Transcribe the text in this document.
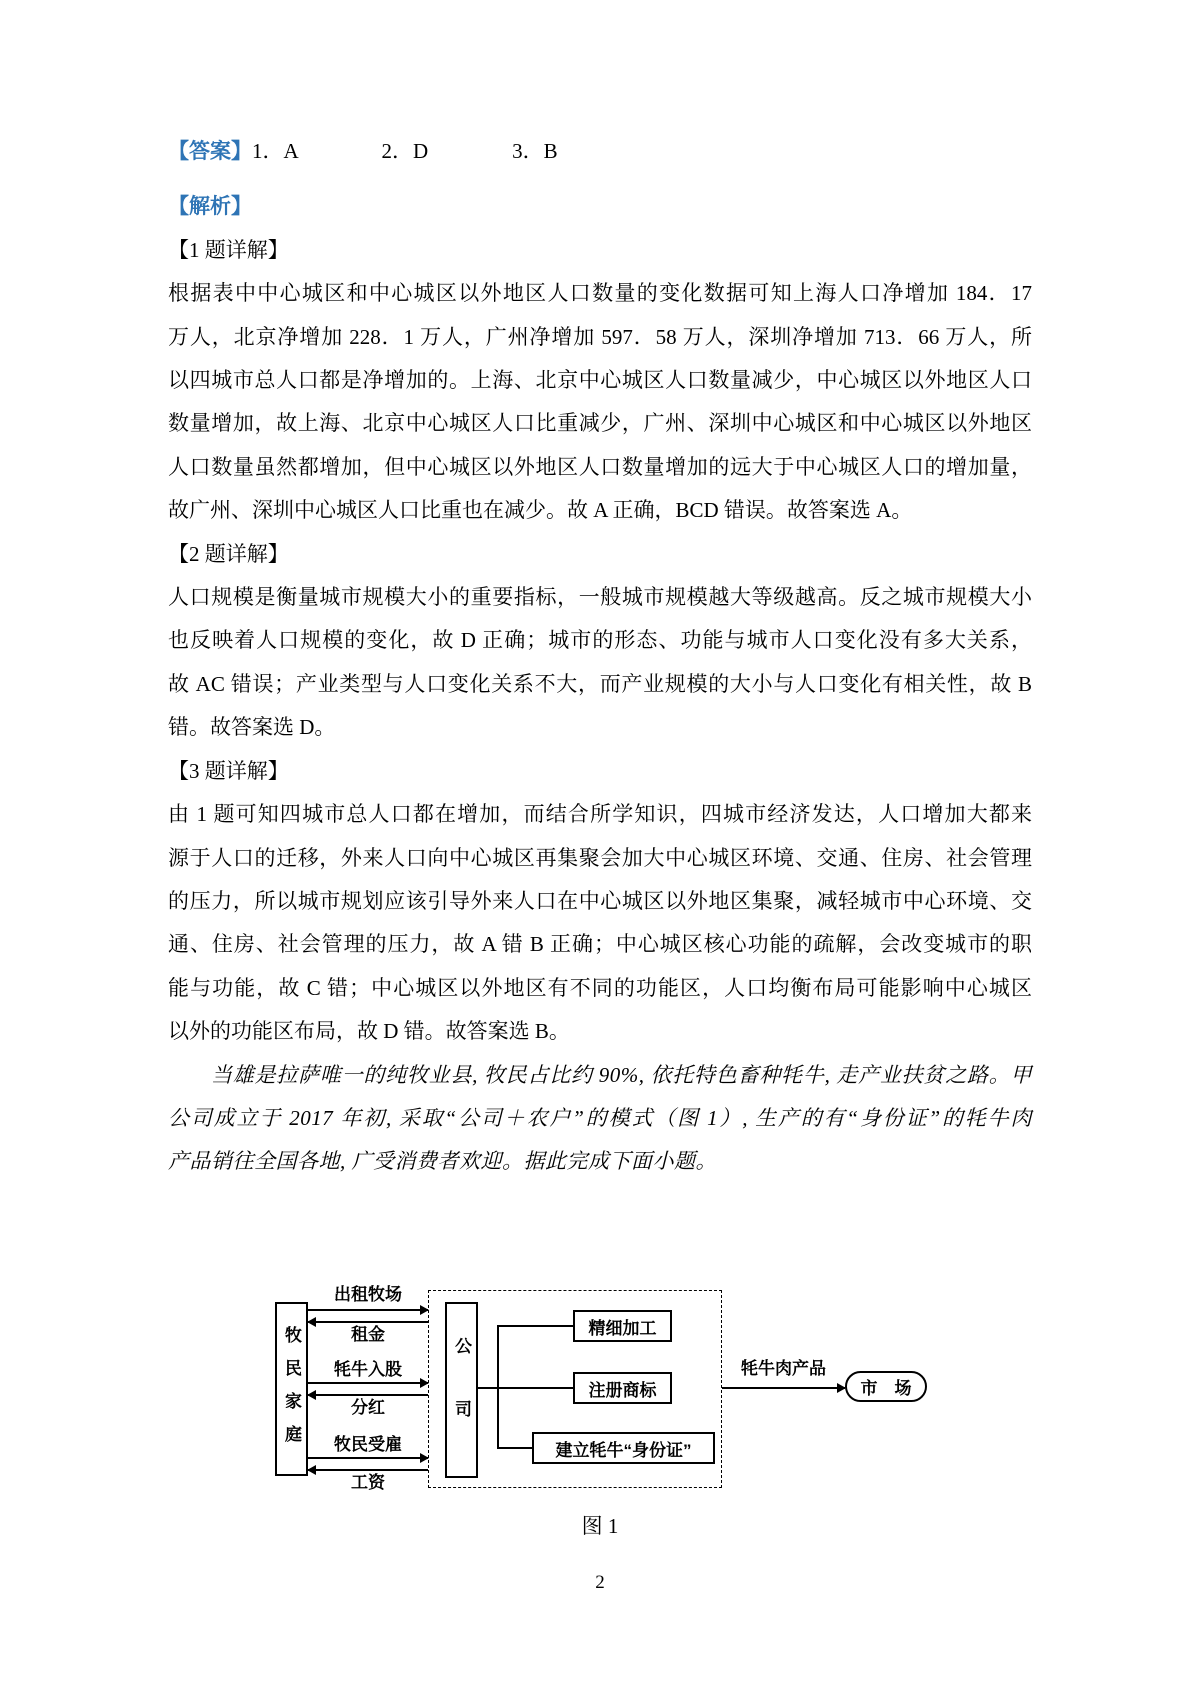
【答案】1．A　　　　2．D　　　　3．B
【解析】
【1 题详解】
根据表中中心城区和中心城区以外地区人口数量的变化数据可知上海人口净增加 184．17
万人，北京净增加 228．1 万人，广州净增加 597．58 万人，深圳净增加 713．66 万人，所
以四城市总人口都是净增加的。上海、北京中心城区人口数量减少，中心城区以外地区人口
数量增加，故上海、北京中心城区人口比重减少，广州、深圳中心城区和中心城区以外地区
人口数量虽然都增加，但中心城区以外地区人口数量增加的远大于中心城区人口的增加量，
故广州、深圳中心城区人口比重也在减少。故 A 正确，BCD 错误。故答案选 A。
【2 题详解】
人口规模是衡量城市规模大小的重要指标，一般城市规模越大等级越高。反之城市规模大小
也反映着人口规模的变化，故 D 正确；城市的形态、功能与城市人口变化没有多大关系，
故 AC 错误；产业类型与人口变化关系不大，而产业规模的大小与人口变化有相关性，故 B
错。故答案选 D。
【3 题详解】
由 1 题可知四城市总人口都在增加，而结合所学知识，四城市经济发达，人口增加大都来
源于人口的迁移，外来人口向中心城区再集聚会加大中心城区环境、交通、住房、社会管理
的压力，所以城市规划应该引导外来人口在中心城区以外地区集聚，减轻城市中心环境、交
通、住房、社会管理的压力，故 A 错 B 正确；中心城区核心功能的疏解，会改变城市的职
能与功能，故 C 错；中心城区以外地区有不同的功能区，人口均衡布局可能影响中心城区
以外的功能区布局，故 D 错。故答案选 B。
当雄是拉萨唯一的纯牧业县, 牧民占比约 90%, 依托特色畜种牦牛, 走产业扶贫之路。甲
公司成立于 2017 年初, 采取“公司＋农户”的模式（图 1）, 生产的有“身份证”的牦牛肉
产品销往全国各地, 广受消费者欢迎。据此完成下面小题。
牧民家庭
出租牧场
租金
牦牛入股
分红
牧民受雇
工资
公司
精细加工
注册商标
建立牦牛“身份证”
牦牛肉产品
市　场
图 1
2
